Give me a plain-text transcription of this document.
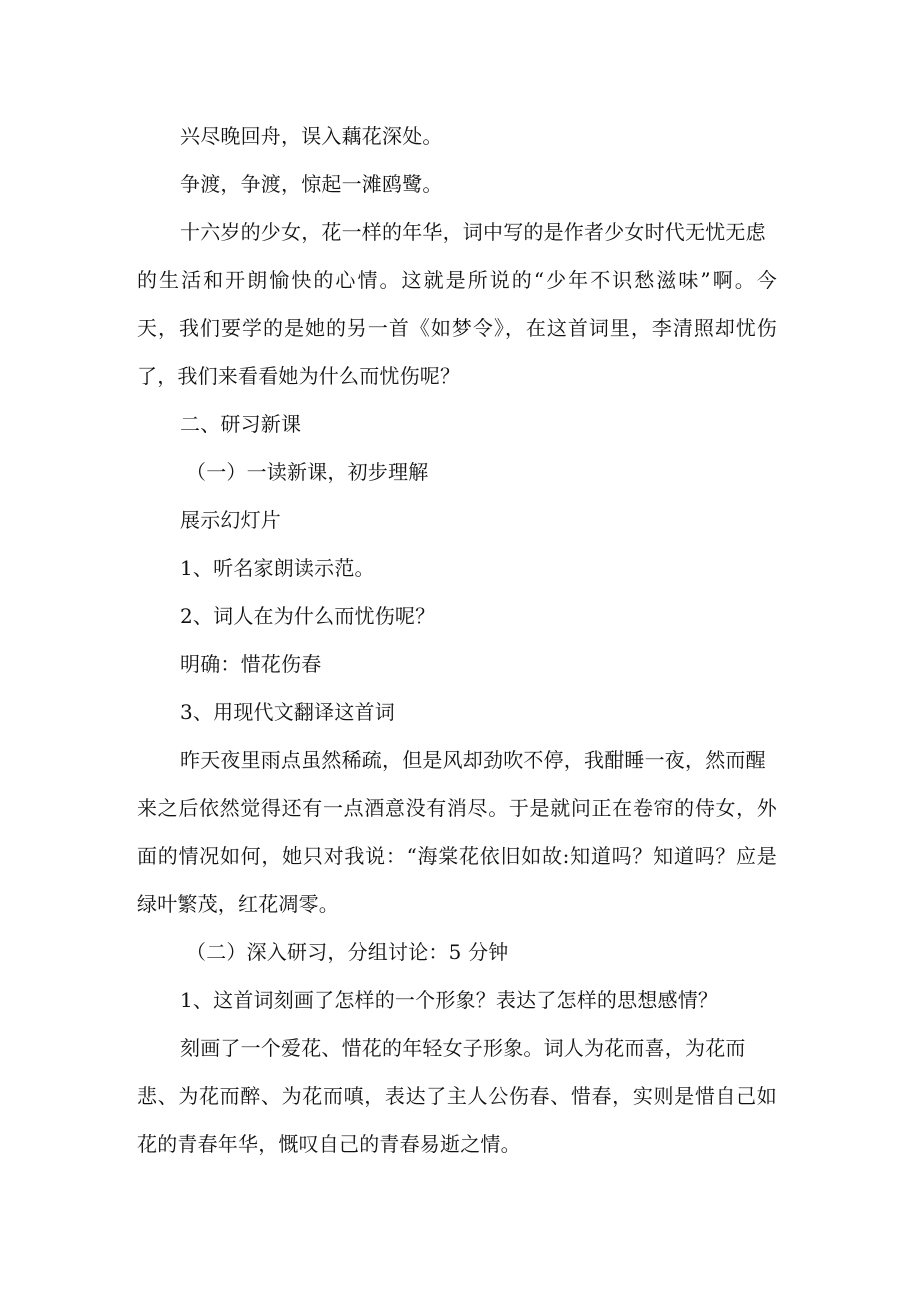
兴尽晚回舟，误入藕花深处。
争渡，争渡，惊起一滩鸥鹭。
十六岁的少女，花一样的年华，词中写的是作者少女时代无忧无虑
的生活和开朗愉快的心情。这就是所说的“少年不识愁滋味”啊。今
天，我们要学的是她的另一首《如梦令》，在这首词里，李清照却忧伤
了，我们来看看她为什么而忧伤呢？
二、研习新课
（一）一读新课，初步理解
展示幻灯片
1、听名家朗读示范。
2、词人在为什么而忧伤呢？
明确：惜花伤春
3、用现代文翻译这首词
昨天夜里雨点虽然稀疏，但是风却劲吹不停，我酣睡一夜，然而醒
来之后依然觉得还有一点酒意没有消尽。于是就问正在卷帘的侍女，外
面的情况如何，她只对我说：“海棠花依旧如故:知道吗？知道吗？应是
绿叶繁茂，红花凋零。
（二）深入研习，分组讨论：5 分钟
1、这首词刻画了怎样的一个形象？表达了怎样的思想感情？
刻画了一个爱花、惜花的年轻女子形象。词人为花而喜，为花而
悲、为花而醉、为花而嗔，表达了主人公伤春、惜春，实则是惜自己如
花的青春年华，慨叹自己的青春易逝之情。
